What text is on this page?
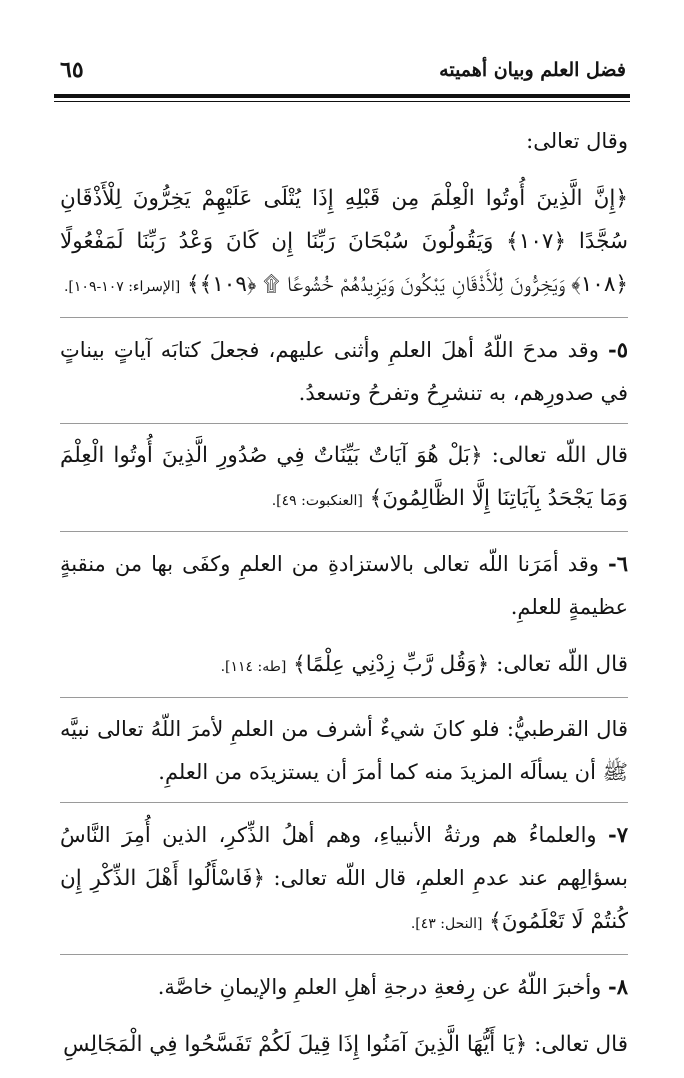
فضل العلم وبيان أهميته
٦٥

وقال تعالى:

﴿إِنَّ الَّذِينَ أُوتُوا الْعِلْمَ مِن قَبْلِهِ إِذَا يُتْلَى عَلَيْهِمْ يَخِرُّونَ لِلْأَذْقَانِ سُجَّدًا ﴿١٠٧﴾ وَيَقُولُونَ سُبْحَانَ رَبِّنَا إِن كَانَ وَعْدُ رَبِّنَا لَمَفْعُولًا ﴿١٠٨﴾ وَيَخِرُّونَ لِلْأَذْقَانِ يَبْكُونَ وَيَزِيدُهُمْ خُشُوعًا ۩ ﴿١٠٩﴾﴾ [الإسراء: ١٠٧-١٠٩].

٥- وقد مدحَ اللّهُ أهلَ العلمِ وأثنى عليهم، فجعلَ كتابَه آياتٍ بيناتٍ في صدورِهم، به تنشرِحُ وتفرحُ وتسعدُ.

قال اللّه تعالى: ﴿بَلْ هُوَ آيَاتٌ بَيِّنَاتٌ فِي صُدُورِ الَّذِينَ أُوتُوا الْعِلْمَ وَمَا يَجْحَدُ بِآيَاتِنَا إِلَّا الظَّالِمُونَ﴾ [العنكبوت: ٤٩].

٦- وقد أمَرَنا اللّه تعالى بالاستزادةِ من العلمِ وكفَى بها من منقبةٍ عظيمةٍ للعلمِ.

قال اللّه تعالى: ﴿وَقُل رَّبِّ زِدْنِي عِلْمًا﴾ [طه: ١١٤].

قال القرطبيُّ: فلو كانَ شيءٌ أشرف من العلمِ لأمرَ اللّهُ تعالى نبيَّه ﷺ أن يسألَه المزيدَ منه كما أمرَ أن يستزيدَه من العلمِ.

٧- والعلماءُ هم ورثةُ الأنبياءِ، وهم أهلُ الذِّكرِ، الذين أُمِرَ النَّاسُ بسؤالِهم عند عدمِ العلمِ، قال اللّه تعالى: ﴿فَاسْأَلُوا أَهْلَ الذِّكْرِ إِن كُنتُمْ لَا تَعْلَمُونَ﴾ [النحل: ٤٣].

٨- وأخبرَ اللّهُ عن رِفعةِ درجةِ أهلِ العلمِ والإيمانِ خاصَّة.

قال تعالى: ﴿يَا أَيُّهَا الَّذِينَ آمَنُوا إِذَا قِيلَ لَكُمْ تَفَسَّحُوا فِي الْمَجَالِسِ
